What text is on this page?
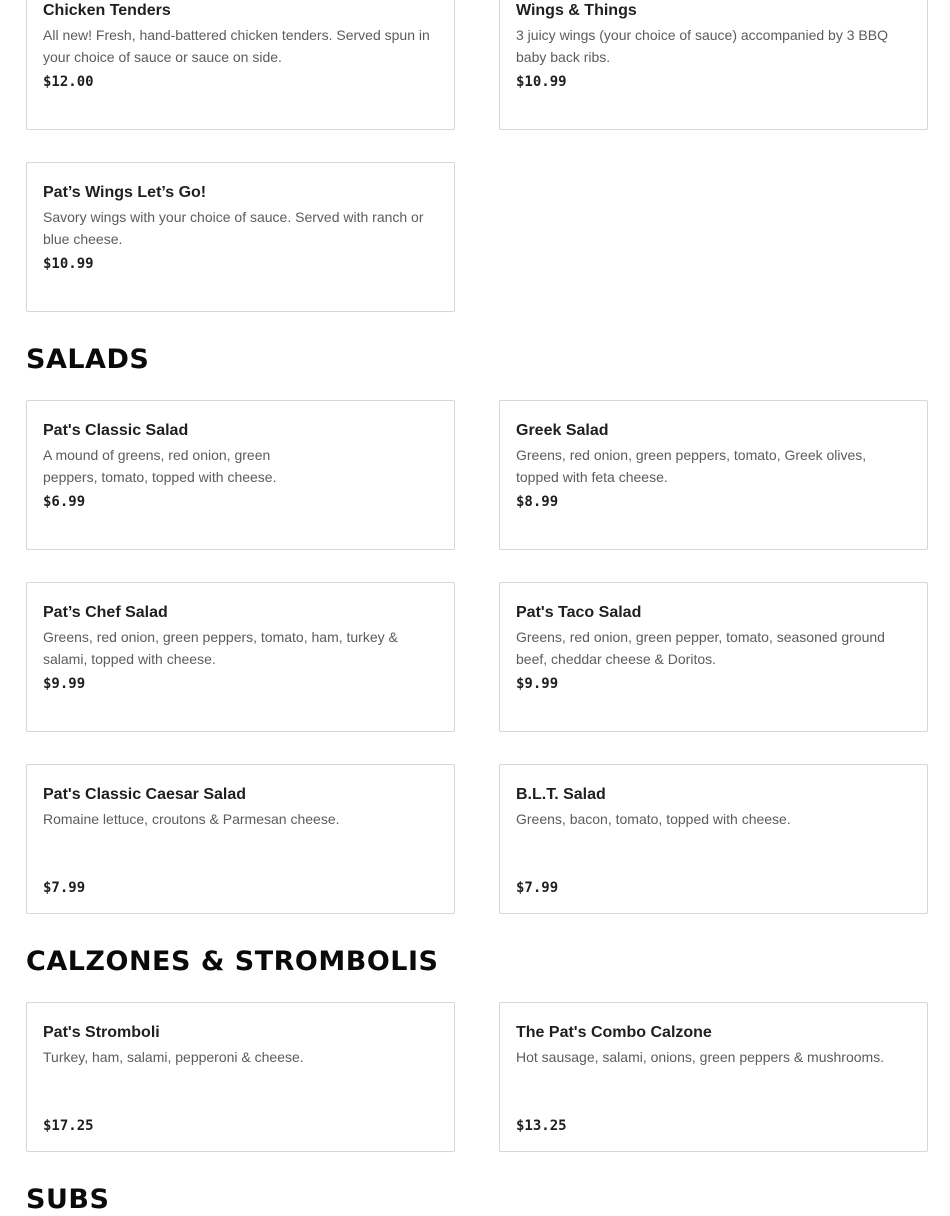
Chicken Tenders
All new! Fresh, hand-battered chicken tenders. Served spun in your choice of sauce or sauce on side.
$12.00
Wings & Things
3 juicy wings (your choice of sauce) accompanied by 3 BBQ baby back ribs.
$10.99
Pat’s Wings Let’s Go!
Savory wings with your choice of sauce. Served with ranch or blue cheese.
$10.99
SALADS
Pat's Classic Salad
A mound of greens, red onion, green peppers, tomato, topped with cheese.
$6.99
Greek Salad
Greens, red onion, green peppers, tomato, Greek olives, topped with feta cheese.
$8.99
Pat’s Chef Salad
Greens, red onion, green peppers, tomato, ham, turkey & salami, topped with cheese.
$9.99
Pat's Taco Salad
Greens, red onion, green pepper, tomato, seasoned ground beef, cheddar cheese & Doritos.
$9.99
Pat's Classic Caesar Salad
Romaine lettuce, croutons & Parmesan cheese.
$7.99
B.L.T. Salad
Greens, bacon, tomato, topped with cheese.
$7.99
CALZONES & STROMBOLIS
Pat's Stromboli
Turkey, ham, salami, pepperoni & cheese.
$17.25
The Pat's Combo Calzone
Hot sausage, salami, onions, green peppers & mushrooms.
$13.25
SUBS
